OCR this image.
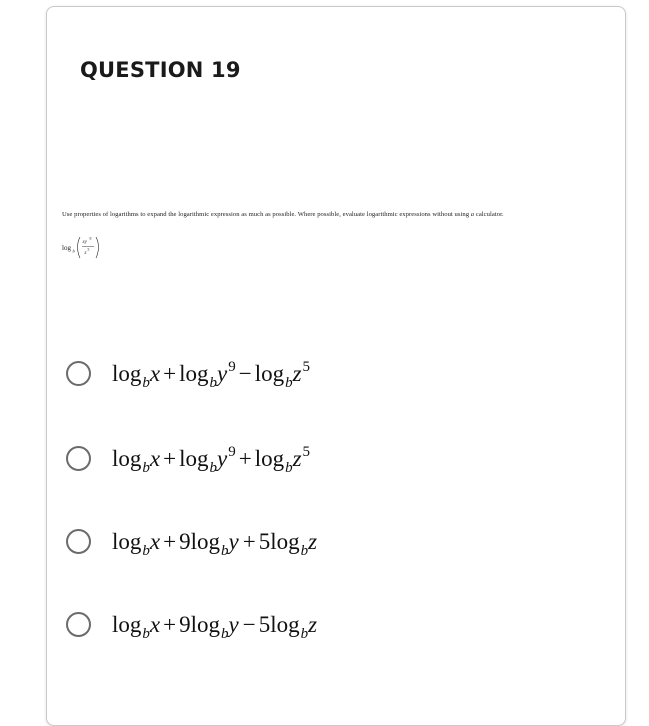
QUESTION 19
Use properties of logarithms to expand the logarithmic expression as much as possible. Where possible, evaluate logarithmic expressions without using a calculator.
log b
xy
9
z
5
$\log_bx + \log_by^9 - \log_bz^5$
$\log_bx + \log_by^9 + \log_bz^5$
$\log_bx + 9\log_by + 5\log_bz$
$\log_bx + 9\log_by - 5\log_bz$
